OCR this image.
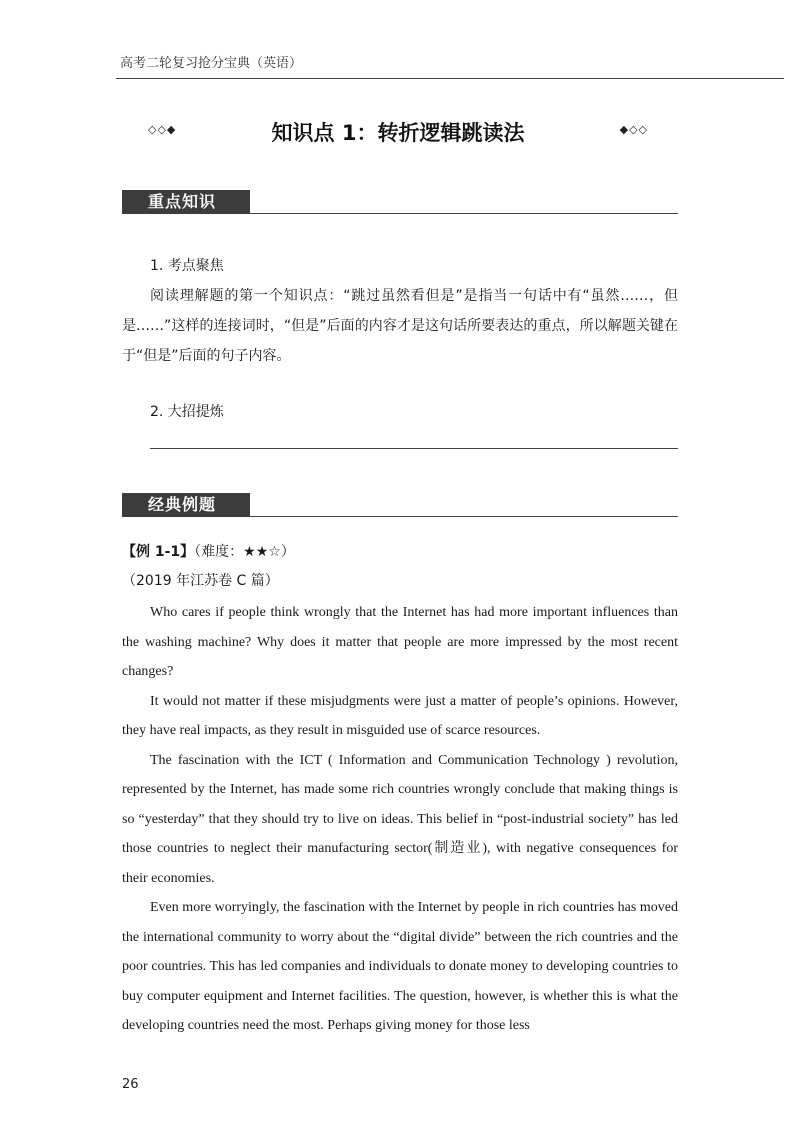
高考二轮复习抢分宝典（英语）
◇◇◆	知识点 1：转折逻辑跳读法	◆◇◇
重点知识
1. 考点聚焦
阅读理解题的第一个知识点：“跳过虽然看但是”是指当一句话中有“虽然……，但是……”这样的连接词时，“但是”后面的内容才是这句话所要表达的重点，所以解题关键在于“但是”后面的句子内容。
2. 大招提炼
经典例题
【例 1-1】（难度：★★☆）
（2019 年江苏卷 C 篇）

Who cares if people think wrongly that the Internet has had more important influences than the washing machine? Why does it matter that people are more impressed by the most recent changes?

It would not matter if these misjudgments were just a matter of people’s opinions. However, they have real impacts, as they result in misguided use of scarce resources.

The fascination with the ICT ( Information and Communication Technology ) revolution, represented by the Internet, has made some rich countries wrongly conclude that making things is so “yesterday” that they should try to live on ideas. This belief in “post-industrial society” has led those countries to neglect their manufacturing sector(制造业), with negative consequences for their economies.

Even more worryingly, the fascination with the Internet by people in rich countries has moved the international community to worry about the “digital divide” between the rich countries and the poor countries. This has led companies and individuals to donate money to developing countries to buy computer equipment and Internet facilities. The question, however, is whether this is what the developing countries need the most. Perhaps giving money for those less

26
